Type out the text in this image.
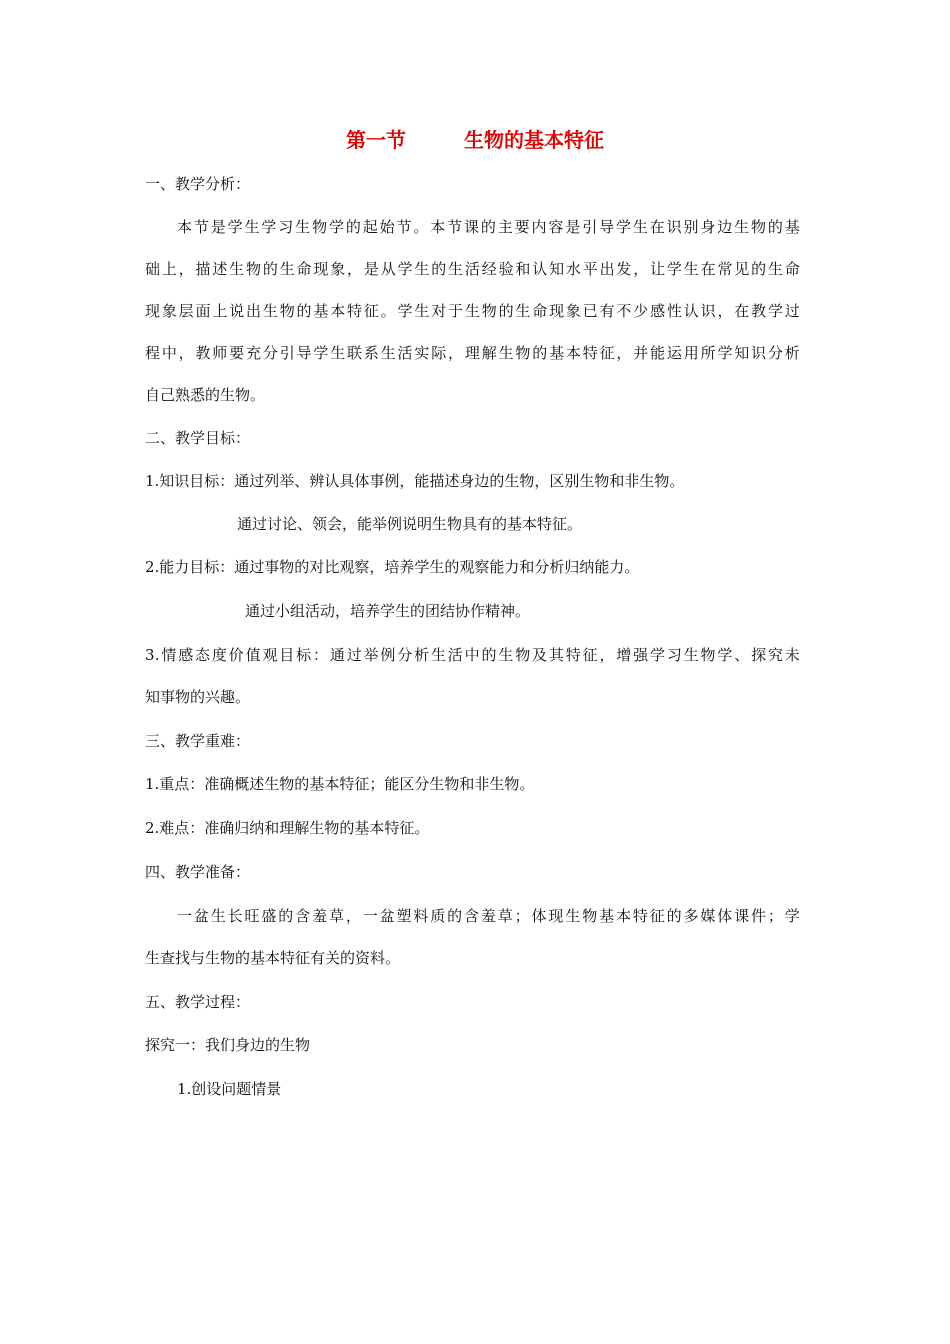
第一节	生物的基本特征
一、教学分析：
本节是学生学习生物学的起始节。本节课的主要内容是引导学生在识别身边生物的基
础上，描述生物的生命现象，是从学生的生活经验和认知水平出发，让学生在常见的生命
现象层面上说出生物的基本特征。学生对于生物的生命现象已有不少感性认识，在教学过
程中，教师要充分引导学生联系生活实际，理解生物的基本特征，并能运用所学知识分析
自己熟悉的生物。
二、教学目标：
1.知识目标：通过列举、辨认具体事例，能描述身边的生物，区别生物和非生物。
通过讨论、领会，能举例说明生物具有的基本特征。
2.能力目标：通过事物的对比观察，培养学生的观察能力和分析归纳能力。
通过小组活动，培养学生的团结协作精神。
3.情感态度价值观目标：通过举例分析生活中的生物及其特征，增强学习生物学、探究未
知事物的兴趣。
三、教学重难：
1.重点：准确概述生物的基本特征；能区分生物和非生物。
2.难点：准确归纳和理解生物的基本特征。
四、教学准备：
一盆生长旺盛的含羞草，一盆塑料质的含羞草；体现生物基本特征的多媒体课件；学
生查找与生物的基本特征有关的资料。
五、教学过程：
探究一：我们身边的生物
1.创设问题情景
